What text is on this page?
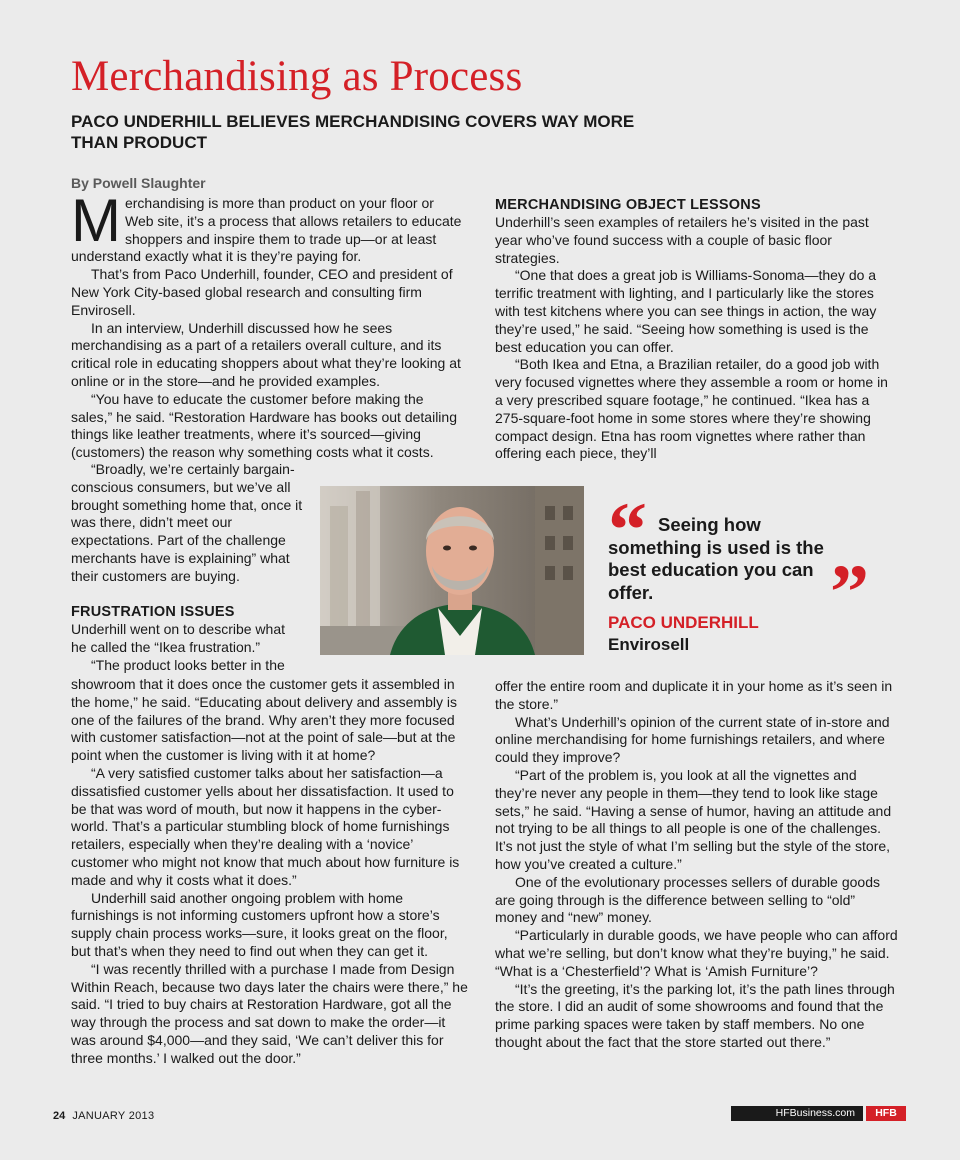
Merchandising as Process
PACO UNDERHILL BELIEVES MERCHANDISING COVERS WAY MORE THAN PRODUCT
By Powell Slaughter

Merchandising is more than product on your floor or Web site, it’s a process that allows retailers to educate shoppers and inspire them to trade up—or at least understand exactly what it is they’re paying for.

That’s from Paco Underhill, founder, CEO and president of New York City-based global research and consulting firm Envirosell.

In an interview, Underhill discussed how he sees merchandising as a part of a retailers overall culture, and its critical role in educating shoppers about what they’re looking at online or in the store—and he provided examples.

“You have to educate the customer before making the sales,” he said. “Restoration Hardware has books out detailing things like leather treatments, where it’s sourced—giving (customers) the reason why something costs what it costs.

“Broadly, we’re certainly bargain-conscious consumers, but we’ve all brought something home that, once it was there, didn’t meet our expectations. Part of the challenge merchants have is explaining” what their customers are buying.

FRUSTRATION ISSUES

Underhill went on to describe what he called the “Ikea frustration.”

“The product looks better in the

showroom that it does once the customer gets it assembled in the home,” he said. “Educating about delivery and assembly is one of the failures of the brand. Why aren’t they more focused with customer satisfaction—not at the point of sale—but at the point when the customer is living with it at home?

“A very satisfied customer talks about her satisfaction—a dissatisfied customer yells about her dissatisfaction. It used to be that was word of mouth, but now it happens in the cyber-world. That’s a particular stumbling block of home furnishings retailers, especially when they’re dealing with a ‘novice’ customer who might not know that much about how furniture is made and why it costs what it does.”

Underhill said another ongoing problem with home furnishings is not informing customers upfront how a store’s supply chain process works—sure, it looks great on the floor, but that’s when they need to find out when they can get it.

“I was recently thrilled with a purchase I made from Design Within Reach, because two days later the chairs were there,” he said. “I tried to buy chairs at Restoration Hardware, got all the way through the process and sat down to make the order—it was around $4,000—and they said, ‘We can’t deliver this for three months.’ I walked out the door.”

MERCHANDISING OBJECT LESSONS

Underhill’s seen examples of retailers he’s visited in the past year who’ve found success with a couple of basic floor strategies.

“One that does a great job is Williams-Sonoma—they do a terrific treatment with lighting, and I particularly like the stores with test kitchens where you can see things in action, the way they’re used,” he said. “Seeing how something is used is the best education you can offer.

“Both Ikea and Etna, a Brazilian retailer, do a good job with very focused vignettes where they assemble a room or home in a very prescribed square footage,” he continued. “Ikea has a 275-square-foot home in some stores where they’re showing compact design. Etna has room vignettes where rather than offering each piece, they’ll

“
”

Seeing how something is used is the best education you can offer.

PACO UNDERHILL

Envirosell

offer the entire room and duplicate it in your home as it’s seen in the store.”

What’s Underhill’s opinion of the current state of in-store and online merchandising for home furnishings retailers, and where could they improve?

“Part of the problem is, you look at all the vignettes and they’re never any people in them—they tend to look like stage sets,” he said. “Having a sense of humor, having an attitude and not trying to be all things to all people is one of the challenges. It’s not just the style of what I’m selling but the style of the store, how you’ve created a culture.”

One of the evolutionary processes sellers of durable goods are going through is the difference between selling to “old” money and “new” money.

“Particularly in durable goods, we have people who can afford what we’re selling, but don’t know what they’re buying,” he said. “What is a ‘Chesterfield’? What is ‘Amish Furniture’?

“It’s the greeting, it’s the parking lot, it’s the path lines through the store. I did an audit of some showrooms and found that the prime parking spaces were taken by staff members. No one thought about the fact that the store started out there.”

24 JANUARY 2013	HFBusiness.com	HFB
